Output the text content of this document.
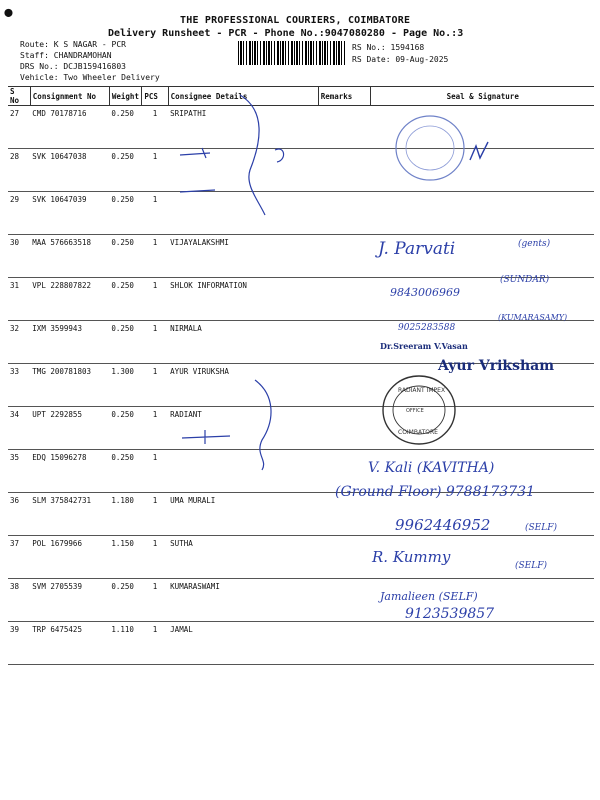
⬤
THE PROFESSIONAL COURIERS, COIMBATORE
Delivery Runsheet - PCR - Phone No.:9047080280 - Page No.:3
Route: K S NAGAR - PCR
Staff: CHANDRAMOHAN
DRS No.: DCJB159416803
Vehicle: Two Wheeler Delivery
RS No.: 1594168
RS Date: 09-Aug-2025
S No	Consignment No	Weight	PCS	Consignee Details	Remarks	Seal & Signature
27	CMD 70178716	0.250	1	SRIPATHI		
28	SVK 10647038	0.250	1			
29	SVK 10647039	0.250	1			
30	MAA 576663518	0.250	1	VIJAYALAKSHMI		
31	VPL 228807822	0.250	1	SHLOK INFORMATION		
32	IXM 3599943	0.250	1	NIRMALA		
33	TMG 200781803	1.300	1	AYUR VIRUKSHA		
34	UPT 2292855	0.250	1	RADIANT		
35	EDQ 15096278	0.250	1			
36	SLM 375842731	1.180	1	UMA MURALI		
37	POL 1679966	1.150	1	SUTHA		
38	SVM 2705539	0.250	1	KUMARASWAMI		
39	TRP 6475425	1.110	1	JAMAL		
RADIANT IMPEX
OFFICE
COIMBATORE
J. Parvati	(gents)
(SUNDAR)
9843006969
9025283588
(KUMARASAMY)
Dr.Sreeram V.Vasan
Ayur Vriksham
V. Kali (KAVITHA)
(Ground Floor) 9788173731
9962446952	(SELF)
R. Kummy	(SELF)
Jamalieen (SELF)
9123539857
